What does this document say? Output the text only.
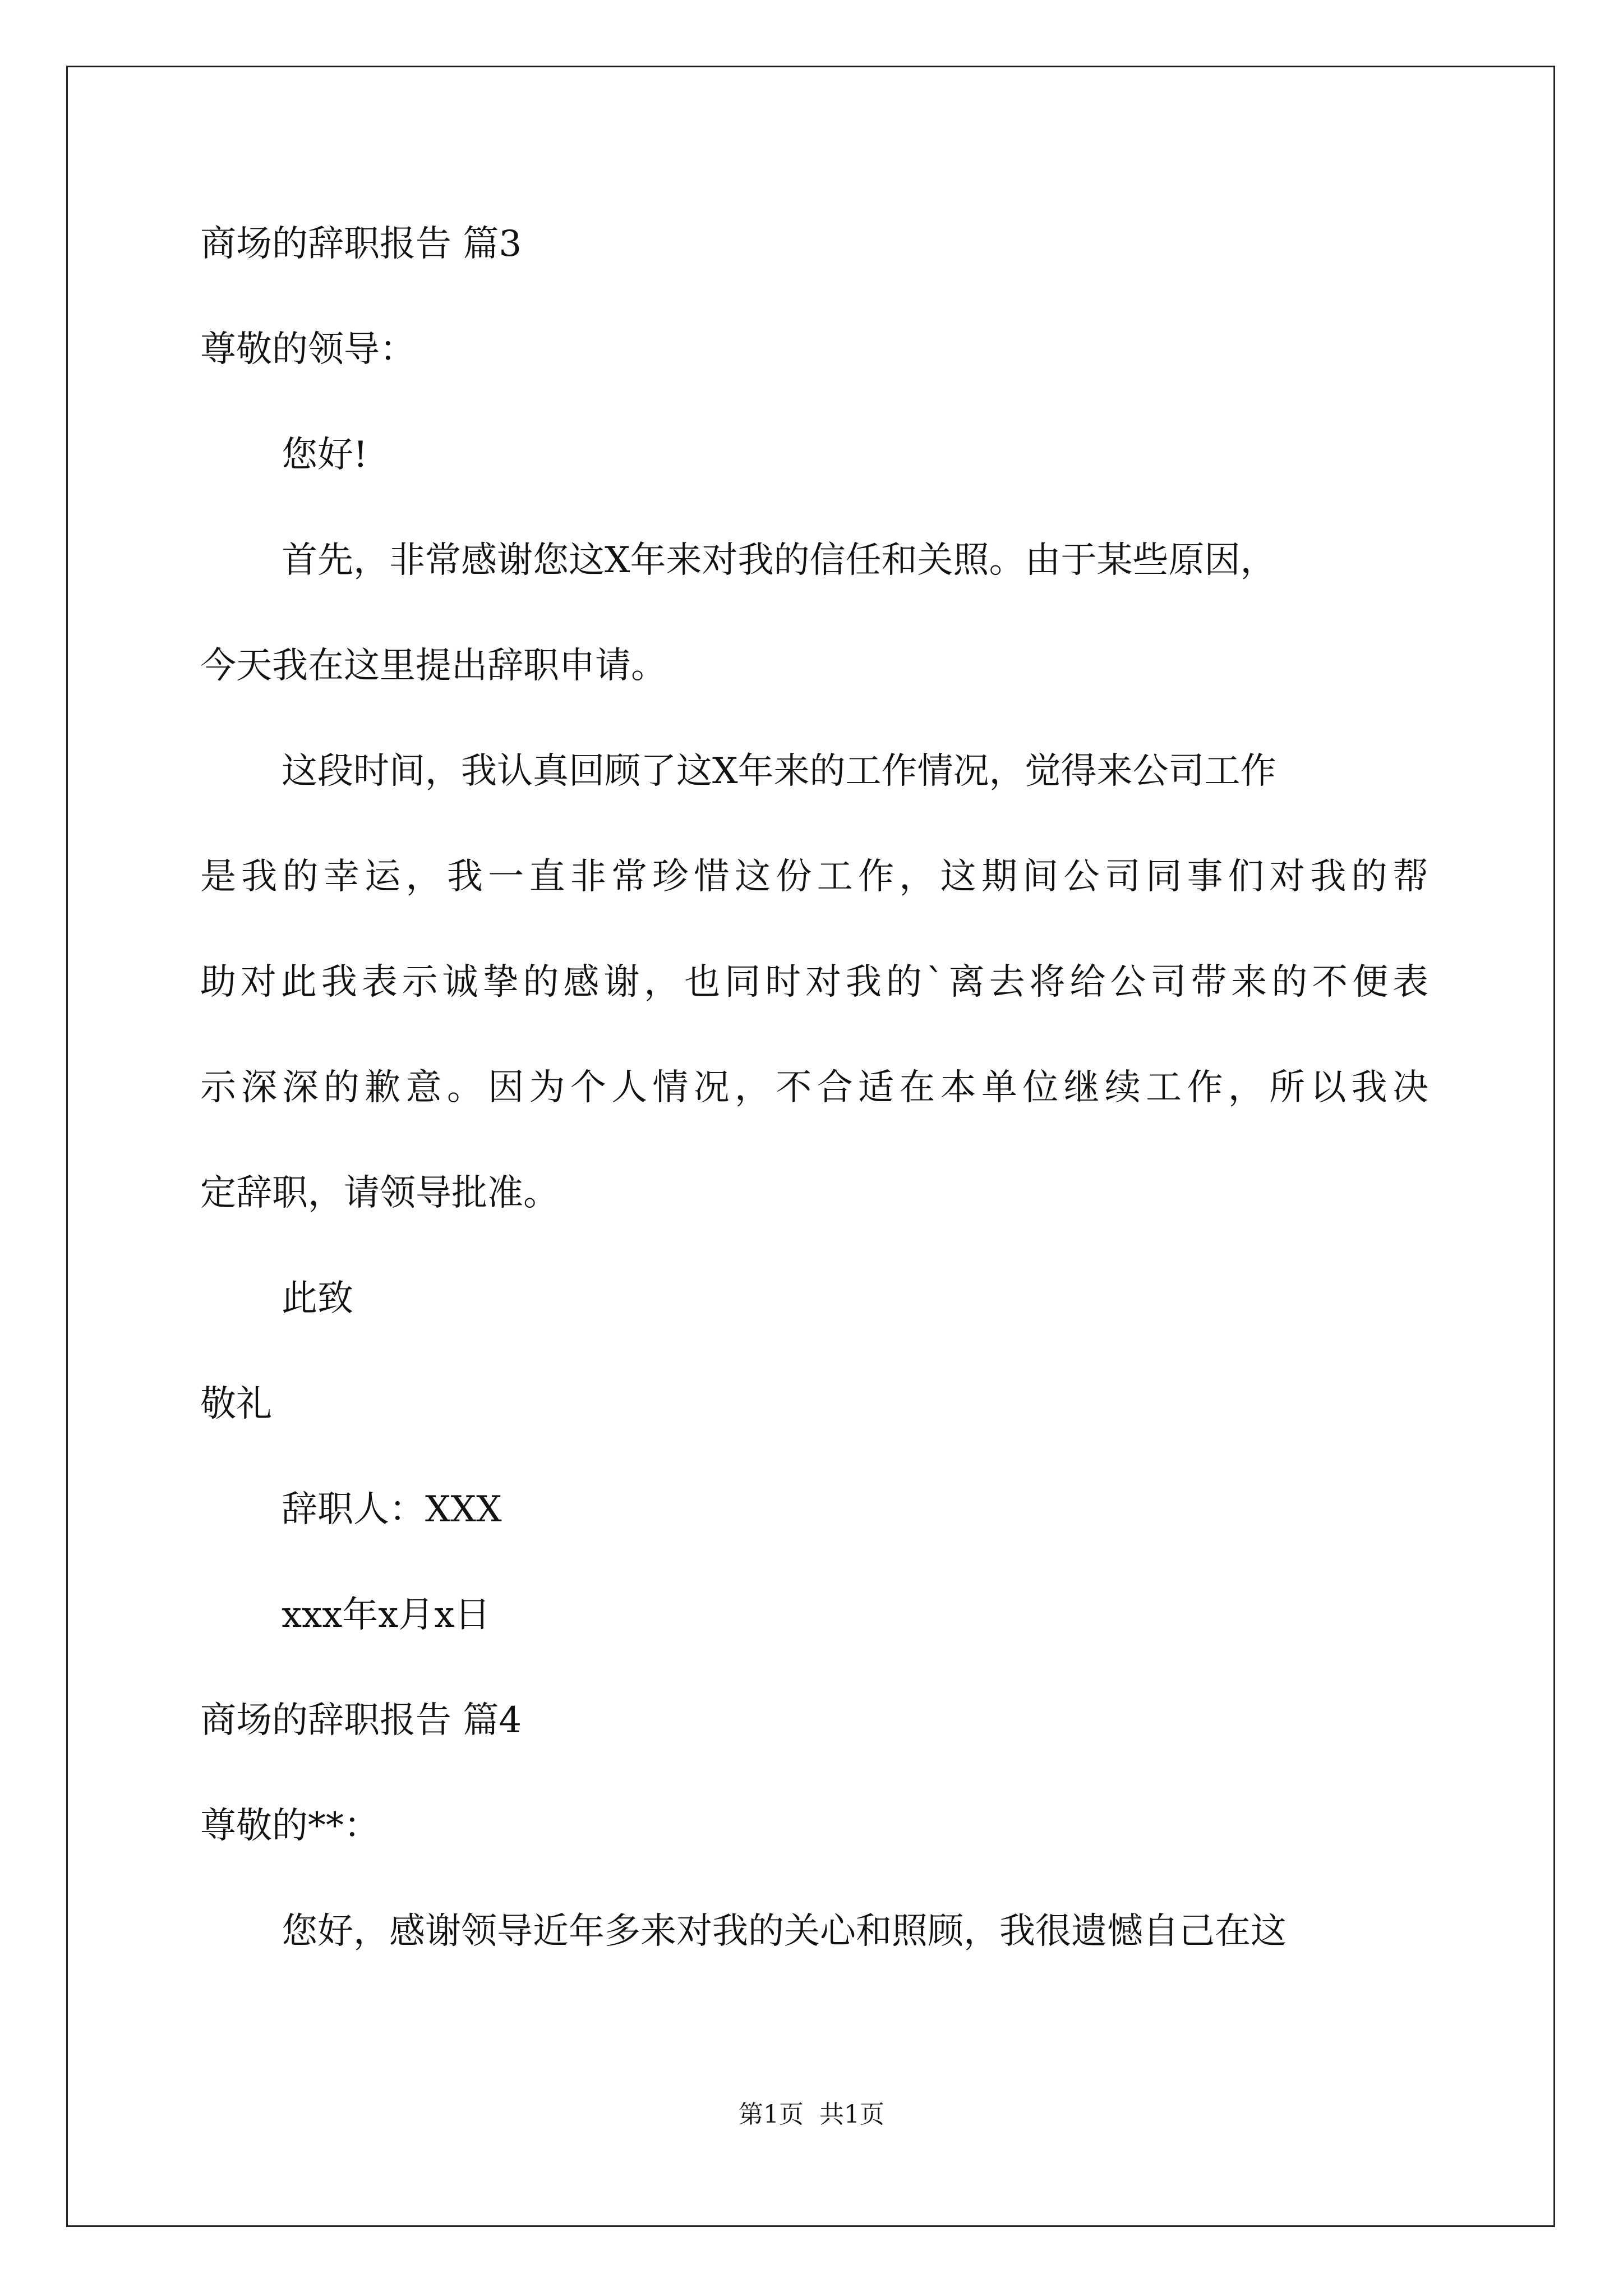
商场的辞职报告 篇3

尊敬的领导：

您好!

首先，非常感谢您这X年来对我的信任和关照。由于某些原因，

今天我在这里提出辞职申请。

这段时间，我认真回顾了这X年来的工作情况，觉得来公司工作

是我的幸运，我一直非常珍惜这份工作，这期间公司同事们对我的帮

助对此我表示诚挚的感谢，也同时对我的`离去将给公司带来的不便表

示深深的歉意。因为个人情况，不合适在本单位继续工作，所以我决

定辞职，请领导批准。

此致

敬礼

辞职人：XXX

xxx年x月x日

商场的辞职报告 篇4

尊敬的**：

您好，感谢领导近年多来对我的关心和照顾，我很遗憾自己在这

第1页  共1页
